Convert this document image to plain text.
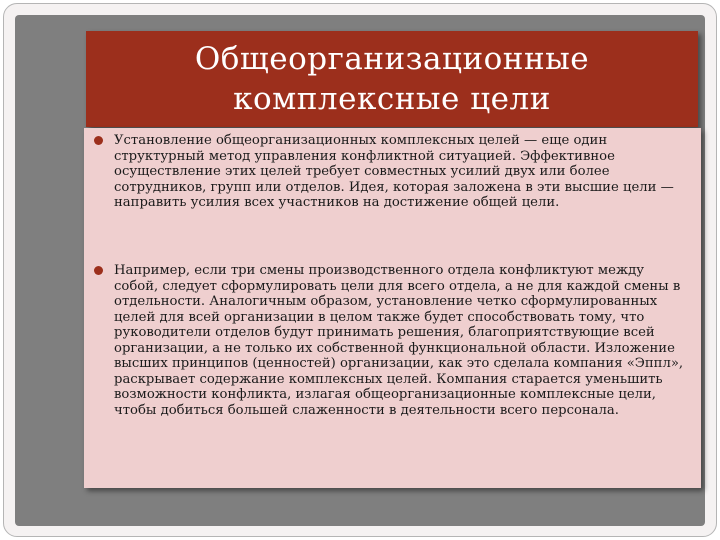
Общеорганизационные
комплексные цели
Установление общеорганизационных комплексных целей — еще один структурный метод управления конфликтной ситуацией. Эффективное осуществление этих целей требует совместных усилий двух или более сотрудников, групп или отделов. Идея, которая заложена в эти высшие цели — направить усилия всех участников на достижение общей цели.
Например, если три смены производственного отдела конфликтуют между собой, следует сформулировать цели для всего отдела, а не для каждой смены в отдельности. Аналогичным образом, установление четко сформулированных целей для всей организации в целом также будет способствовать тому, что руководители отделов будут принимать решения, благоприятствующие всей организации, а не только их собственной функциональной области. Изложение высших принципов (ценностей) организации, как это сделала компания «Эппл», раскрывает содержание комплексных целей. Компания старается уменьшить возможности конфликта, излагая общеорганизационные комплексные цели, чтобы добиться большей слаженности в деятельности всего персонала.
